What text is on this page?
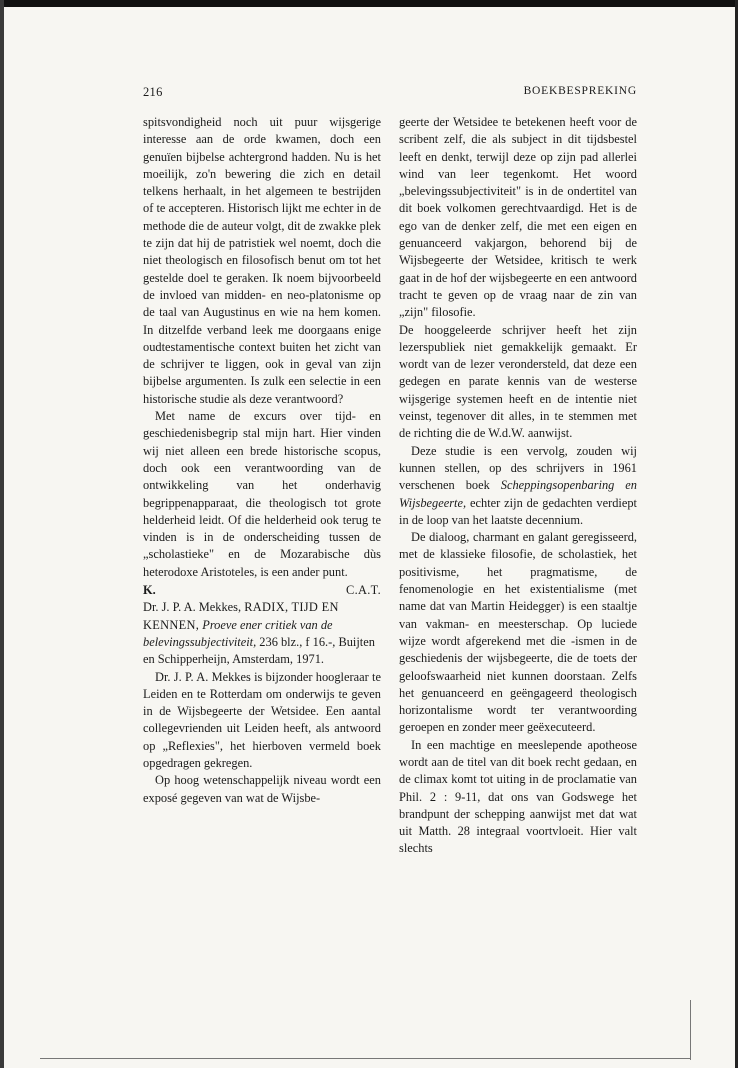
216	BOEKBESPREKING

spitsvondigheid noch uit puur wijsgerige interesse aan de orde kwamen, doch een genuïen bijbelse achtergrond hadden. Nu is het moeilijk, zo'n bewering die zich en detail telkens herhaalt, in het algemeen te bestrijden of te accepteren. Historisch lijkt me echter in de methode die de auteur volgt, dit de zwakke plek te zijn dat hij de patristiek wel noemt, doch die niet theologisch en filosofisch benut om tot het gestelde doel te geraken. Ik noem bijvoorbeeld de invloed van midden- en neo-platonisme op de taal van Augustinus en wie na hem komen. In ditzelfde verband leek me doorgaans enige oudtestamentische context buiten het zicht van de schrijver te liggen, ook in geval van zijn bijbelse argumenten. Is zulk een selectie in een historische studie als deze verantwoord?

Met name de excurs over tijd- en geschiedenisbegrip stal mijn hart. Hier vinden wij niet alleen een brede historische scopus, doch ook een verantwoording van de ontwikkeling van het onderhavig begrippenapparaat, die theologisch tot grote helderheid leidt. Of die helderheid ook terug te vinden is in de onderscheiding tussen de „scholastieke" en de Mozarabische dùs heterodoxe Aristoteles, is een ander punt.

K.	C.A.T.

Dr. J. P. A. Mekkes, RADIX, TIJD EN KENNEN, Proeve ener critiek van de belevingssubjectiviteit, 236 blz., f 16.-, Buijten en Schipperheijn, Amsterdam, 1971.

Dr. J. P. A. Mekkes is bijzonder hoogleraar te Leiden en te Rotterdam om onderwijs te geven in de Wijsbegeerte der Wetsidee. Een aantal collegevrienden uit Leiden heeft, als antwoord op „Reflexies", het hierboven vermeld boek opgedragen gekregen.

Op hoog wetenschappelijk niveau wordt een exposé gegeven van wat de Wijsbe-

geerte der Wetsidee te betekenen heeft voor de scribent zelf, die als subject in dit tijdsbestel leeft en denkt, terwijl deze op zijn pad allerlei wind van leer tegenkomt. Het woord „belevingssubjectiviteit" is in de ondertitel van dit boek volkomen gerechtvaardigd. Het is de ego van de denker zelf, die met een eigen en genuanceerd vakjargon, behorend bij de Wijsbegeerte der Wetsidee, kritisch te werk gaat in de hof der wijsbegeerte en een antwoord tracht te geven op de vraag naar de zin van „zijn" filosofie.

De hooggeleerde schrijver heeft het zijn lezerspubliek niet gemakkelijk gemaakt. Er wordt van de lezer verondersteld, dat deze een gedegen en parate kennis van de westerse wijsgerige systemen heeft en de intentie niet veinst, tegenover dit alles, in te stemmen met de richting die de W.d.W. aanwijst.

Deze studie is een vervolg, zouden wij kunnen stellen, op des schrijvers in 1961 verschenen boek Scheppingsopenbaring en Wijsbegeerte, echter zijn de gedachten verdiept in de loop van het laatste decennium.

De dialoog, charmant en galant geregisseerd, met de klassieke filosofie, de scholastiek, het positivisme, het pragmatisme, de fenomenologie en het existentialisme (met name dat van Martin Heidegger) is een staaltje van vakman- en meesterschap. Op luciede wijze wordt afgerekend met die -ismen in de geschiedenis der wijsbegeerte, die de toets der geloofswaarheid niet kunnen doorstaan. Zelfs het genuanceerd en geëngageerd theologisch horizontalisme wordt ter verantwoording geroepen en zonder meer geëxecuteerd.

In een machtige en meeslepende apotheose wordt aan de titel van dit boek recht gedaan, en de climax komt tot uiting in de proclamatie van Phil. 2 : 9-11, dat ons van Godswege het brandpunt der schepping aanwijst met dat wat uit Matth. 28 integraal voortvloeit. Hier valt slechts
